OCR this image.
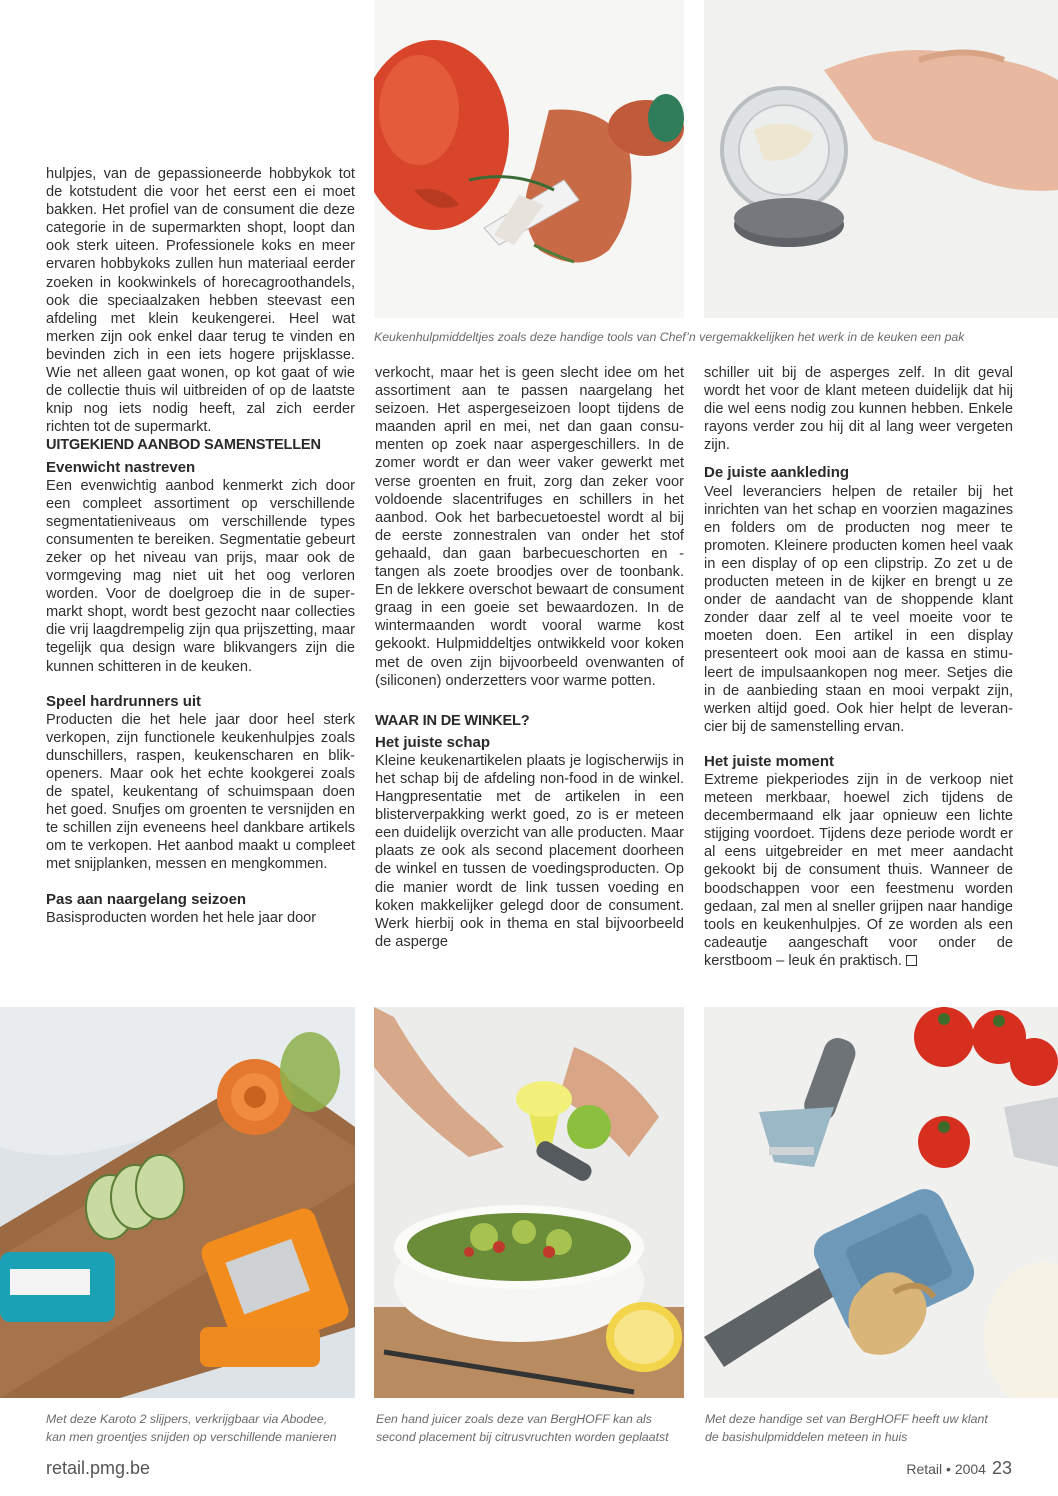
Keukenhulpmiddeltjes zoals deze handige tools van Chef’n vergemakkelijken het werk in de keuken een pak

hulpjes, van de gepassioneerde hobbykok tot de kotstudent die voor het eerst een ei moet bakken. Het profiel van de consument die deze categorie in de supermarkten shopt, loopt dan ook sterk uiteen. Professionele koks en meer ervaren hobbykoks zullen hun materiaal eerder zoeken in kookwinkels of horecagroothandels, ook die speciaalzaken hebben steevast een afdeling met klein keukengerei. Heel wat merken zijn ook enkel daar terug te vinden en bevinden zich in een iets hogere prijsklasse. Wie net alleen gaat wonen, op kot gaat of wie de collectie thuis wil uitbreiden of op de laatste knip nog iets nodig heeft, zal zich eerder richten tot de supermarkt.

UITGEKIEND AANBOD SAMENSTELLEN

Evenwicht nastreven

Een evenwichtig aanbod kenmerkt zich door een compleet assortiment op verschillende segmentatieniveaus om verschillende types consumenten te bereiken. Segmentatie gebeurt zeker op het niveau van prijs, maar ook de vormgeving mag niet uit het oog verloren worden. Voor de doelgroep die in de supermarkt shopt, wordt best gezocht naar collecties die vrij laagdrempelig zijn qua prijszetting, maar tegelijk qua design ware blikvangers zijn die kunnen schitteren in de keuken.

Speel hardrunners uit

Producten die het hele jaar door heel sterk verkopen, zijn functionele keukenhulpjes zoals dunschillers, raspen, keukenscharen en blikopeners. Maar ook het echte kookgerei zoals de spatel, keukentang of schuimspaan doen het goed. Snufjes om groenten te versnijden en te schillen zijn eveneens heel dankbare artikels om te verkopen. Het aanbod maakt u compleet met snijplanken, messen en mengkommen.

Pas aan naargelang seizoen

Basisproducten worden het hele jaar door

verkocht, maar het is geen slecht idee om het assortiment aan te passen naargelang het seizoen. Het aspergeseizoen loopt tijdens de maanden april en mei, net dan gaan consumenten op zoek naar aspergeschillers. In de zomer wordt er dan weer vaker gewerkt met verse groenten en fruit, zorg dan zeker voor voldoende slacentrifuges en schillers in het aanbod. Ook het barbecuetoestel wordt al bij de eerste zonnestralen van onder het stof gehaald, dan gaan barbecueschorten en -tangen als zoete broodjes over de toonbank. En de lekkere overschot bewaart de consument graag in een goeie set bewaardozen. In de wintermaanden wordt vooral warme kost gekookt. Hulpmiddeltjes ontwikkeld voor koken met de oven zijn bijvoorbeeld ovenwanten of (siliconen) onderzetters voor warme potten.

WAAR IN DE WINKEL?

Het juiste schap

Kleine keukenartikelen plaats je logischerwijs in het schap bij de afdeling non-food in de winkel. Hangpresentatie met de artikelen in een blisterverpakking werkt goed, zo is er meteen een duidelijk overzicht van alle producten. Maar plaats ze ook als second placement doorheen de winkel en tussen de voedingsproducten. Op die manier wordt de link tussen voeding en koken makkelijker gelegd door de consument. Werk hierbij ook in thema en stal bijvoorbeeld de asperge

schiller uit bij de asperges zelf. In dit geval wordt het voor de klant meteen duidelijk dat hij die wel eens nodig zou kunnen hebben. Enkele rayons verder zou hij dit al lang weer vergeten zijn.

De juiste aankleding

Veel leveranciers helpen de retailer bij het inrichten van het schap en voorzien magazines en folders om de producten nog meer te promoten. Kleinere producten komen heel vaak in een display of op een clipstrip. Zo zet u de producten meteen in de kijker en brengt u ze onder de aandacht van de shoppende klant zonder daar zelf al te veel moeite voor te moeten doen. Een artikel in een display presenteert ook mooi aan de kassa en stimuleert de impulsaankopen nog meer. Setjes die in de aanbieding staan en mooi verpakt zijn, werken altijd goed. Ook hier helpt de leverancier bij de samenstelling ervan.

Het juiste moment

Extreme piekperiodes zijn in de verkoop niet meteen merkbaar, hoewel zich tijdens de decembermaand elk jaar opnieuw een lichte stijging voordoet. Tijdens deze periode wordt er al eens uitgebreider en met meer aandacht gekookt bij de consument thuis. Wanneer de boodschappen voor een feestmenu worden gedaan, zal men al sneller grijpen naar handige tools en keukenhulpjes. Of ze worden als een cadeautje aangeschaft voor onder de kerstboom – leuk én praktisch.

Met deze Karoto 2 slijpers, verkrijgbaar via Abodee,
kan men groentjes snijden op verschillende manieren
Een hand juicer zoals deze van BergHOFF kan als
second placement bij citrusvruchten worden geplaatst
Met deze handige set van BergHOFF heeft uw klant
de basishulpmiddelen meteen in huis
retail.pmg.be	Retail • 2004 23
